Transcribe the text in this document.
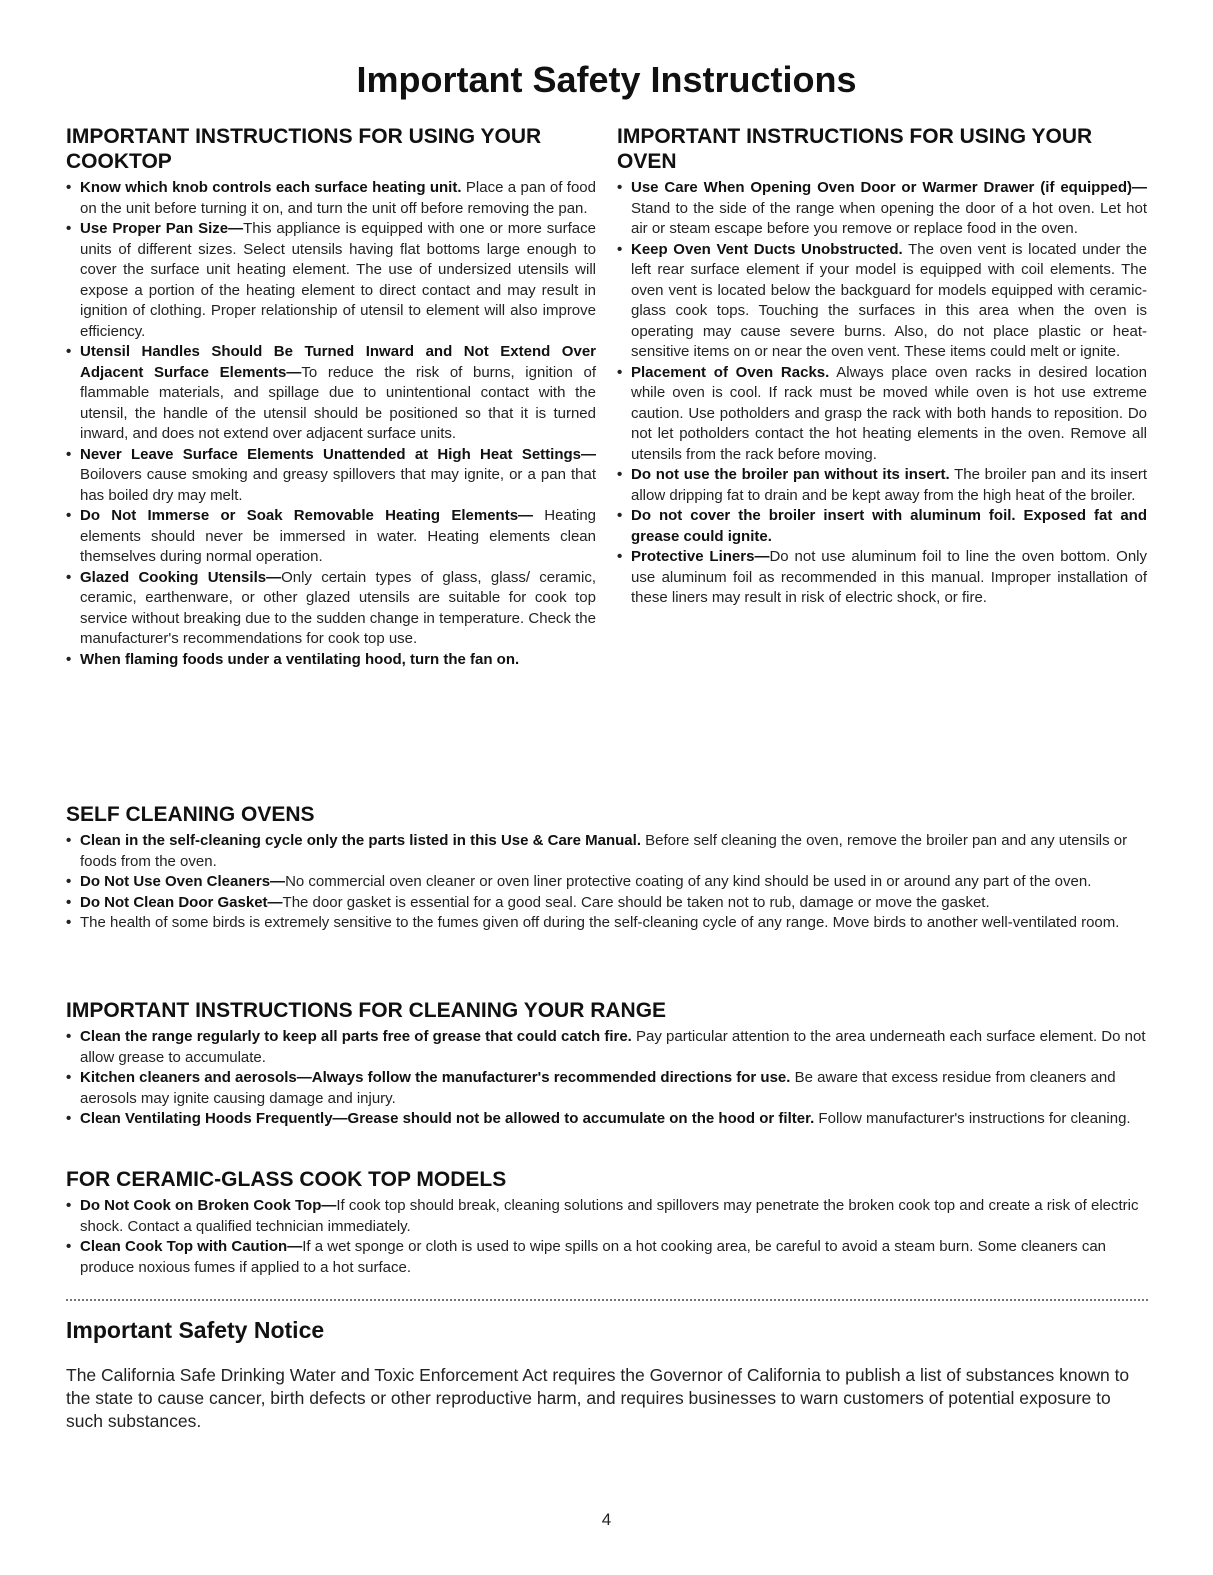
Important Safety Instructions
IMPORTANT INSTRUCTIONS FOR USING YOUR COOKTOP
• Know which knob controls each surface heating unit. Place a pan of food on the unit before turning it on, and turn the unit off before removing the pan.
• Use Proper Pan Size—This appliance is equipped with one or more surface units of different sizes. Select utensils having flat bottoms large enough to cover the surface unit heating element. The use of undersized utensils will expose a portion of the heating element to direct contact and may result in ignition of clothing. Proper relationship of utensil to element will also improve efficiency.
• Utensil Handles Should Be Turned Inward and Not Extend Over Adjacent Surface Elements—To reduce the risk of burns, ignition of flammable materials, and spillage due to unintentional contact with the utensil, the handle of the utensil should be positioned so that it is turned inward, and does not extend over adjacent surface units.
• Never Leave Surface Elements Unattended at High Heat Settings—Boilovers cause smoking and greasy spillovers that may ignite, or a pan that has boiled dry may melt.
• Do Not Immerse or Soak Removable Heating Elements— Heating elements should never be immersed in water. Heating elements clean themselves during normal operation.
• Glazed Cooking Utensils—Only certain types of glass, glass/ ceramic, ceramic, earthenware, or other glazed utensils are suitable for cook top service without breaking due to the sudden change in temperature. Check the manufacturer's recommendations for cook top use.
• When flaming foods under a ventilating hood, turn the fan on.
IMPORTANT INSTRUCTIONS FOR USING YOUR OVEN
• Use Care When Opening Oven Door or Warmer Drawer (if equipped)—Stand to the side of the range when opening the door of a hot oven. Let hot air or steam escape before you remove or replace food in the oven.
• Keep Oven Vent Ducts Unobstructed. The oven vent is located under the left rear surface element if your model is equipped with coil elements. The oven vent is located below the backguard for models equipped with ceramic-glass cook tops. Touching the surfaces in this area when the oven is operating may cause severe burns. Also, do not place plastic or heat-sensitive items on or near the oven vent. These items could melt or ignite.
• Placement of Oven Racks. Always place oven racks in desired location while oven is cool. If rack must be moved while oven is hot use extreme caution. Use potholders and grasp the rack with both hands to reposition. Do not let potholders contact the hot heating elements in the oven. Remove all utensils from the rack before moving.
• Do not use the broiler pan without its insert. The broiler pan and its insert allow dripping fat to drain and be kept away from the high heat of the broiler.
• Do not cover the broiler insert with aluminum foil. Exposed fat and grease could ignite.
• Protective Liners—Do not use aluminum foil to line the oven bottom. Only use aluminum foil as recommended in this manual. Improper installation of these liners may result in risk of electric shock, or fire.
SELF CLEANING OVENS
• Clean in the self-cleaning cycle only the parts listed in this Use & Care Manual. Before self cleaning the oven, remove the broiler pan and any utensils or foods from the oven.
• Do Not Use Oven Cleaners—No commercial oven cleaner or oven liner protective coating of any kind should be used in or around any part of the oven.
• Do Not Clean Door Gasket—The door gasket is essential for a good seal. Care should be taken not to rub, damage or move the gasket.
• The health of some birds is extremely sensitive to the fumes given off during the self-cleaning cycle of any range. Move birds to another well-ventilated room.
IMPORTANT INSTRUCTIONS FOR CLEANING YOUR RANGE
• Clean the range regularly to keep all parts free of grease that could catch fire. Pay particular attention to the area underneath each surface element. Do not allow grease to accumulate.
• Kitchen cleaners and aerosols—Always follow the manufacturer's recommended directions for use. Be aware that excess residue from cleaners and aerosols may ignite causing damage and injury.
• Clean Ventilating Hoods Frequently—Grease should not be allowed to accumulate on the hood or filter. Follow manufacturer's instructions for cleaning.
FOR CERAMIC-GLASS COOK TOP MODELS
• Do Not Cook on Broken Cook Top—If cook top should break, cleaning solutions and spillovers may penetrate the broken cook top and create a risk of electric shock. Contact a qualified technician immediately.
• Clean Cook Top with Caution—If a wet sponge or cloth is used to wipe spills on a hot cooking area, be careful to avoid a steam burn. Some cleaners can produce noxious fumes if applied to a hot surface.
Important Safety Notice
The California Safe Drinking Water and Toxic Enforcement Act requires the Governor of California to publish a list of substances known to the state to cause cancer, birth defects or other reproductive harm, and requires businesses to warn customers of potential exposure to such substances.
4
